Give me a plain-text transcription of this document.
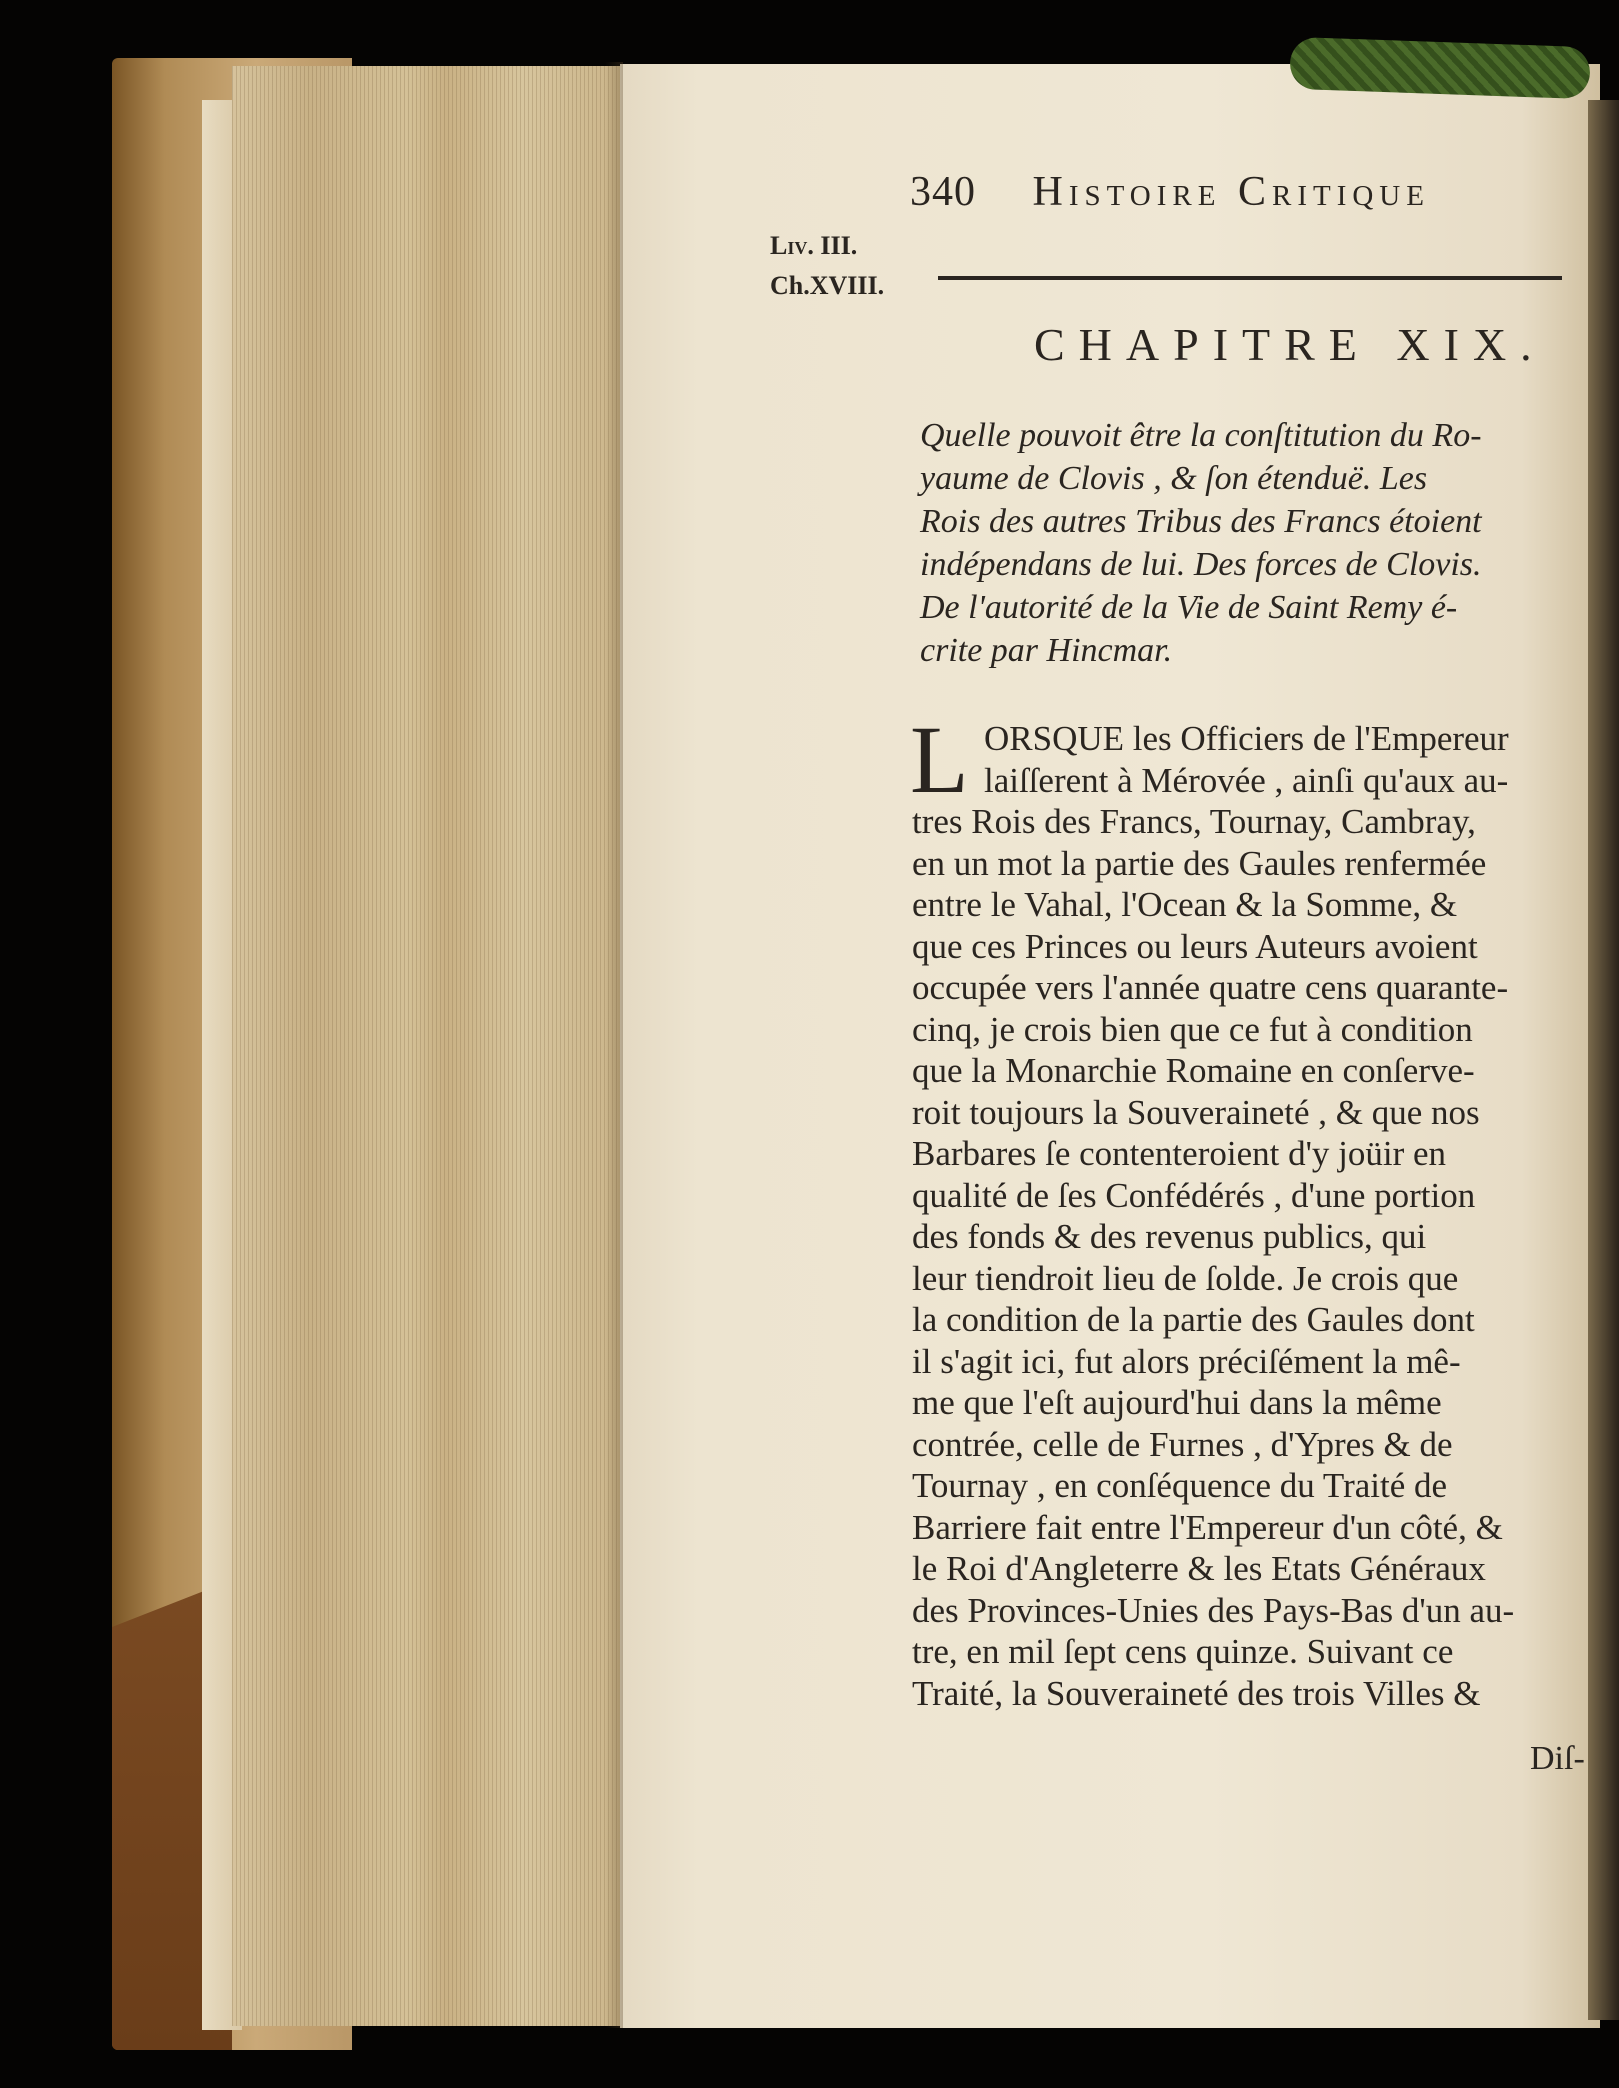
340 Histoire Critique
Liv. III.
Ch.XVIII.
CHAPITRE XIX.
Quelle pouvoit être la conſtitution du Ro-
yaume de Clovis , & ſon étenduë. Les
Rois des autres Tribus des Francs étoient
indépendans de lui. Des forces de Clovis.
De l'autorité de la Vie de Saint Remy é-
crite par Hincmar.
L ORSQUE les Officiers de l'Empereur
laiſſerent à Mérovée , ainſi qu'aux au-
tres Rois des Francs, Tournay, Cambray,
en un mot la partie des Gaules renfermée
entre le Vahal, l'Ocean & la Somme, &
que ces Princes ou leurs Auteurs avoient
occupée vers l'année quatre cens quarante-
cinq, je crois bien que ce fut à condition
que la Monarchie Romaine en conſerve-
roit toujours la Souveraineté , & que nos
Barbares ſe contenteroient d'y joüir en
qualité de ſes Confédérés , d'une portion
des fonds & des revenus publics, qui
leur tiendroit lieu de ſolde. Je crois que
la condition de la partie des Gaules dont
il s'agit ici, fut alors préciſément la mê-
me que l'eſt aujourd'hui dans la même
contrée, celle de Furnes , d'Ypres & de
Tournay , en conſéquence du Traité de
Barriere fait entre l'Empereur d'un côté, &
le Roi d'Angleterre & les Etats Généraux
des Provinces-Unies des Pays-Bas d'un au-
tre, en mil ſept cens quinze. Suivant ce
Traité, la Souveraineté des trois Villes &
Diſ-
